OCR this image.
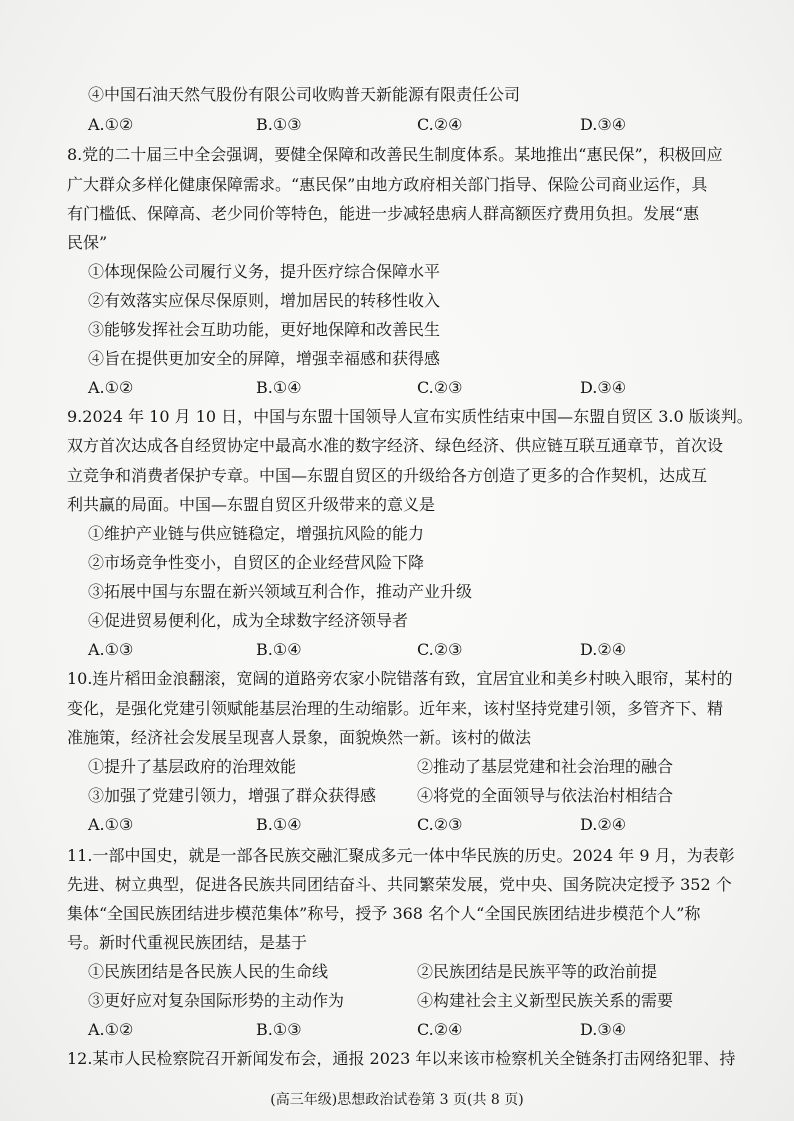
④中国石油天然气股份有限公司收购普天新能源有限责任公司
A.①②	B.①③	C.②④	D.③④
8.党的二十届三中全会强调，要健全保障和改善民生制度体系。某地推出“惠民保”，积极回应
广大群众多样化健康保障需求。“惠民保”由地方政府相关部门指导、保险公司商业运作，具
有门槛低、保障高、老少同价等特色，能进一步减轻患病人群高额医疗费用负担。发展“惠
民保”
①体现保险公司履行义务，提升医疗综合保障水平
②有效落实应保尽保原则，增加居民的转移性收入
③能够发挥社会互助功能，更好地保障和改善民生
④旨在提供更加安全的屏障，增强幸福感和获得感
A.①②	B.①④	C.②③	D.③④
9.2024 年 10 月 10 日，中国与东盟十国领导人宣布实质性结束中国—东盟自贸区 3.0 版谈判。
双方首次达成各自经贸协定中最高水准的数字经济、绿色经济、供应链互联互通章节，首次设
立竞争和消费者保护专章。中国—东盟自贸区的升级给各方创造了更多的合作契机，达成互
利共赢的局面。中国—东盟自贸区升级带来的意义是
①维护产业链与供应链稳定，增强抗风险的能力
②市场竞争性变小，自贸区的企业经营风险下降
③拓展中国与东盟在新兴领域互利合作，推动产业升级
④促进贸易便利化，成为全球数字经济领导者
A.①③	B.①④	C.②③	D.②④
10.连片稻田金浪翻滚，宽阔的道路旁农家小院错落有致，宜居宜业和美乡村映入眼帘，某村的
变化，是强化党建引领赋能基层治理的生动缩影。近年来，该村坚持党建引领，多管齐下、精
准施策，经济社会发展呈现喜人景象，面貌焕然一新。该村的做法
①提升了基层政府的治理效能	②推动了基层党建和社会治理的融合
③加强了党建引领力，增强了群众获得感	④将党的全面领导与依法治村相结合
A.①③	B.①④	C.②③	D.②④
11.一部中国史，就是一部各民族交融汇聚成多元一体中华民族的历史。2024 年 9 月，为表彰
先进、树立典型，促进各民族共同团结奋斗、共同繁荣发展，党中央、国务院决定授予 352 个
集体“全国民族团结进步模范集体”称号，授予 368 名个人“全国民族团结进步模范个人”称
号。新时代重视民族团结，是基于
①民族团结是各民族人民的生命线	②民族团结是民族平等的政治前提
③更好应对复杂国际形势的主动作为	④构建社会主义新型民族关系的需要
A.①②	B.①③	C.②④	D.③④
12.某市人民检察院召开新闻发布会，通报 2023 年以来该市检察机关全链条打击网络犯罪、持
(高三年级)思想政治试卷第 3 页(共 8 页)
